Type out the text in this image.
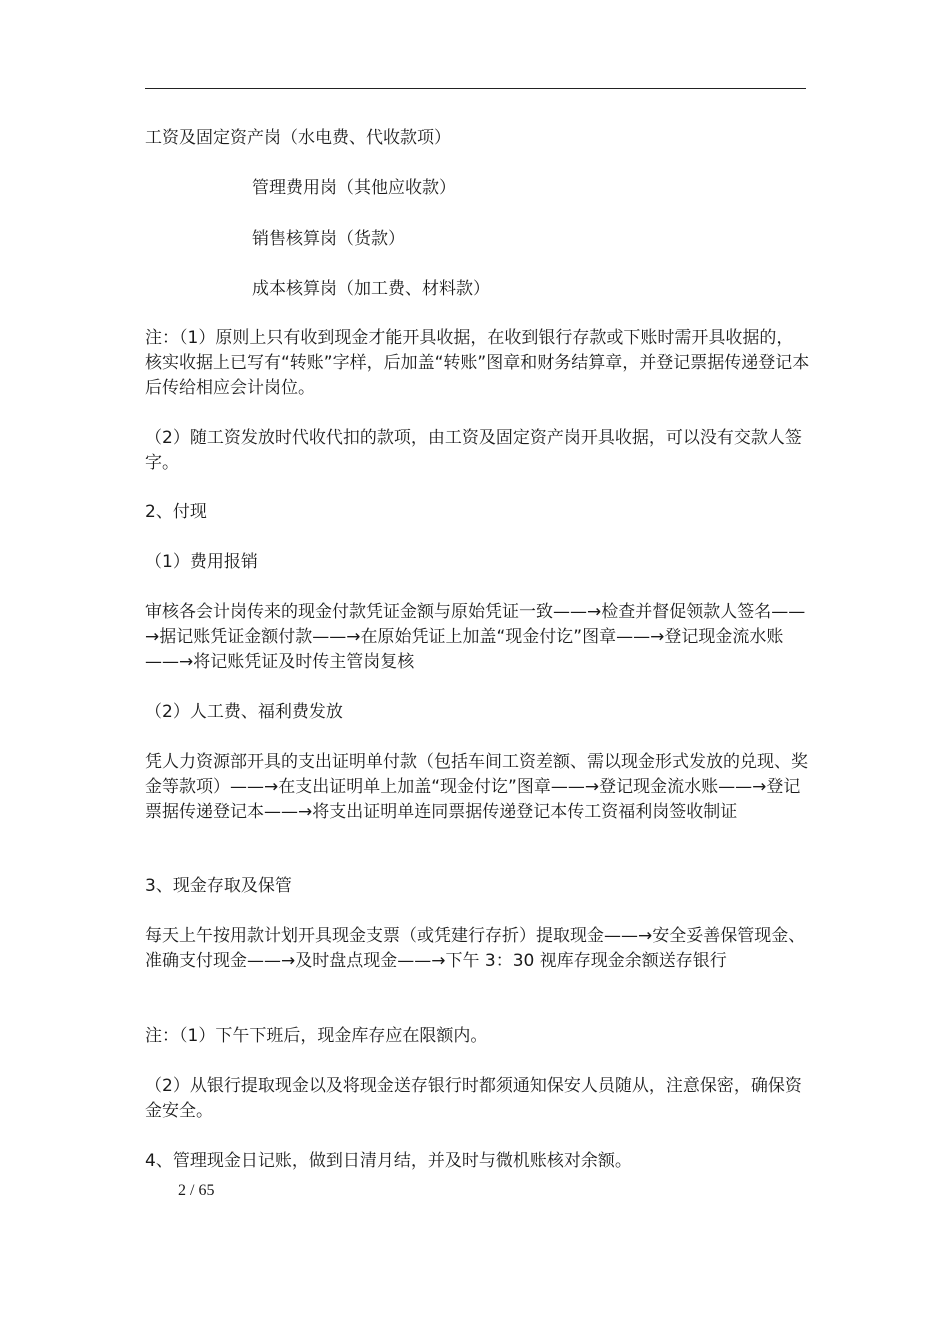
工资及固定资产岗（水电费、代收款项）

管理费用岗（其他应收款）

销售核算岗（货款）

成本核算岗（加工费、材料款）

注：（1）原则上只有收到现金才能开具收据，在收到银行存款或下账时需开具收据的，核实收据上已写有“转账”字样，后加盖“转账”图章和财务结算章，并登记票据传递登记本后传给相应会计岗位。

（2）随工资发放时代收代扣的款项，由工资及固定资产岗开具收据，可以没有交款人签字。

2、付现

（1）费用报销

审核各会计岗传来的现金付款凭证金额与原始凭证一致——→检查并督促领款人签名——→据记账凭证金额付款——→在原始凭证上加盖“现金付讫”图章——→登记现金流水账——→将记账凭证及时传主管岗复核

（2）人工费、福利费发放

凭人力资源部开具的支出证明单付款（包括车间工资差额、需以现金形式发放的兑现、奖金等款项）——→在支出证明单上加盖“现金付讫”图章——→登记现金流水账——→登记票据传递登记本——→将支出证明单连同票据传递登记本传工资福利岗签收制证

3、现金存取及保管

每天上午按用款计划开具现金支票（或凭建行存折）提取现金——→安全妥善保管现金、准确支付现金——→及时盘点现金——→下午 3：30 视库存现金余额送存银行

注：（1）下午下班后，现金库存应在限额内。

（2）从银行提取现金以及将现金送存银行时都须通知保安人员随从，注意保密，确保资金安全。

4、管理现金日记账，做到日清月结，并及时与微机账核对余额。

2 / 65
